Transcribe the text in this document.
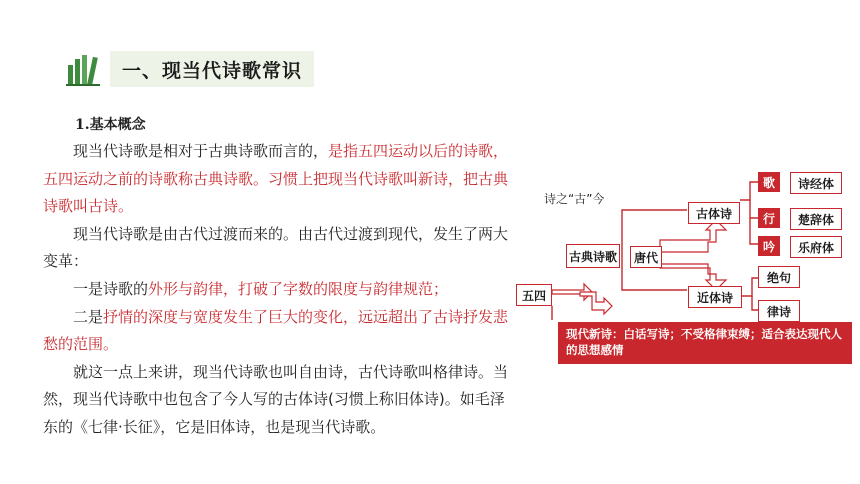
一、现当代诗歌常识

1.基本概念

现当代诗歌是相对于古典诗歌而言的，是指五四运动以后的诗歌，五四运动之前的诗歌称古典诗歌。习惯上把现当代诗歌叫新诗，把古典诗歌叫古诗。

现当代诗歌是由古代过渡而来的。由古代过渡到现代，发生了两大变革：

一是诗歌的外形与韵律，打破了字数的限度与韵律规范；

二是抒情的深度与宽度发生了巨大的变化，远远超出了古诗抒发悲愁的范围。

就这一点上来讲，现当代诗歌也叫自由诗，古代诗歌叫格律诗。当然，现当代诗歌中也包含了今人写的古体诗(习惯上称旧体诗)。如毛泽东的《七律·长征》，它是旧体诗，也是现当代诗歌。

诗之“古”今
古典诗歌	唐代
古体诗
近体诗
歌
行
吟
诗经体
楚辞体
乐府体
绝句
律诗
五四
现代新诗：白话写诗；不受格律束缚；适合表达现代人的思想感情
